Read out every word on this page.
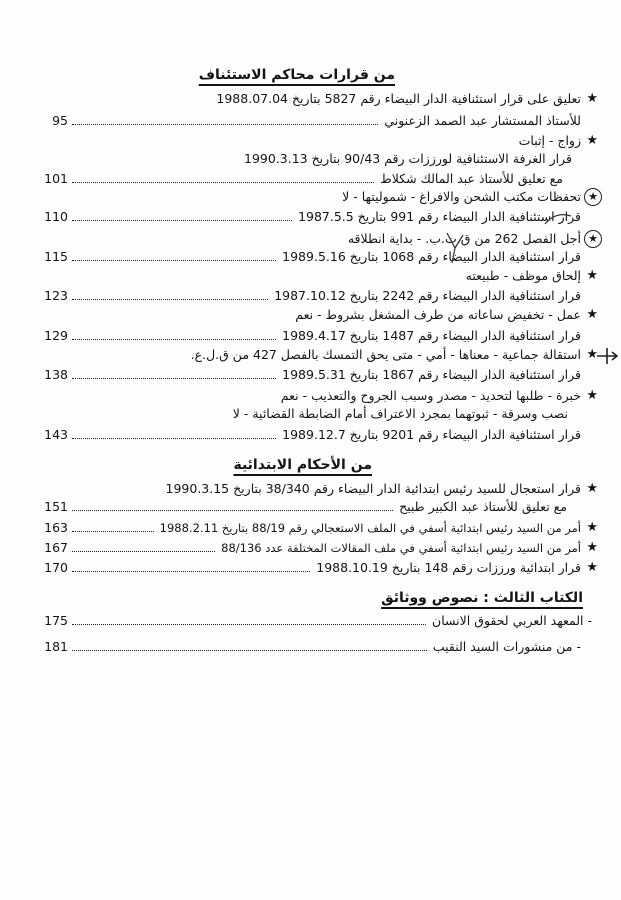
من قرارات محاكم الاستئناف
★
تعليق على قرار استئنافية الدار البيضاء رقم 5827 بتاريخ 1988.07.04
للأستاذ المستشار عبد الصمد الزعنوني
95
★
زواج - إثبات
قرار الغرفة الاستئنافية لورززات رقم 90/43 بتاريخ 1990.3.13
مع تعليق للأستاذ عبد المالك شكلاط
101
★
تحفظات مكتب الشحن والافراغ - شموليتها - لا
قرار استئنافية الدار البيضاء رقم 991 بتاريخ 1987.5.5
110
★
أجل الفصل 262 من ق.ت.ب. - بداية انطلاقه
قرار استئنافية الدار البيضاء رقم 1068 بتاريخ 1989.5.16
115
★
إلحاق موظف - طبيعته
قرار استئنافية الدار البيضاء رقم 2242 بتاريخ 1987.10.12
123
★
عمل - تخفيض ساعاته من طرف المشغل بشروط - نعم
قرار استئنافية الدار البيضاء رقم 1487 بتاريخ 1989.4.17
129
★
استقالة جماعية - معناها - أمي - متى يحق التمسك بالفصل 427 من ق.ل.ع.
قرار استئنافية الدار البيضاء رقم 1867 بتاريخ 1989.5.31
138
★
خبرة - طلبها لتحديد - مصدر وسبب الجروح والتعذيب - نعم
نصب وسرقة - ثبوتهما بمجرد الاعتراف أمام الضابطة القضائية - لا
قرار استئنافية الدار البيضاء رقم 9201 بتاريخ 1989.12.7
143
من الأحكام الابتدائية
★
قرار استعجال للسيد رئيس ابتدائية الدار البيضاء رقم 38/340 بتاريخ 1990.3.15
مع تعليق للأستاذ عبد الكبير طبيح
151
★
أمر من السيد رئيس ابتدائية أسفي في الملف الاستعجالي رقم 88/19 بتاريخ 1988.2.11
163
★
أمر من السيد رئيس ابتدائية أسفي في ملف المقالات المختلفة عدد 88/136
167
★
قرار ابتدائية ورززات رقم 148 بتاريخ 1988.10.19
170
الكتاب الثالث : نصوص ووثائق
- المعهد العربي لحقوق الانسان
175
- من منشورات السيد النقيب
181
